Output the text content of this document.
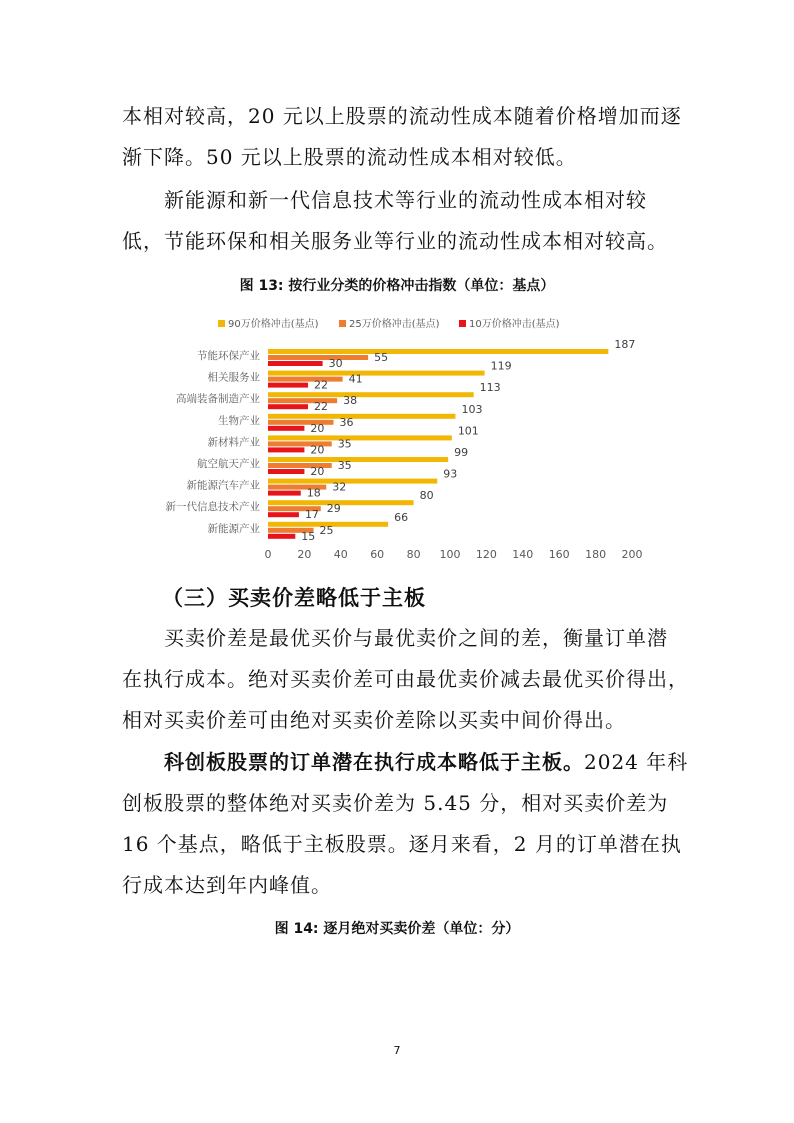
本相对较高，20 元以上股票的流动性成本随着价格增加而逐
渐下降。50 元以上股票的流动性成本相对较低。

新能源和新一代信息技术等行业的流动性成本相对较
低，节能环保和相关服务业等行业的流动性成本相对较高。

图 13: 按行业分类的价格冲击指数（单位：基点）

90万价格冲击(基点)	25万价格冲击(基点)	10万价格冲击(基点)
节能环保产业
相关服务业
高端装备制造产业
生物产业
新材料产业
航空航天产业
新能源汽车产业
新一代信息技术产业
新能源产业
187
55
30	119
41
22	113
38
22	103
36
20	101
35
20	99
35
20	93
32
18	80
29
17	66
25
15
0 20 40 60 80 100 120 140 160 180 200

（三）买卖价差略低于主板

买卖价差是最优买价与最优卖价之间的差，衡量订单潜
在执行成本。绝对买卖价差可由最优卖价减去最优买价得出，
相对买卖价差可由绝对买卖价差除以买卖中间价得出。

科创板股票的订单潜在执行成本略低于主板。2024 年科
创板股票的整体绝对买卖价差为 5.45 分，相对买卖价差为
16 个基点，略低于主板股票。逐月来看，2 月的订单潜在执
行成本达到年内峰值。

图 14: 逐月绝对买卖价差（单位：分）

7
